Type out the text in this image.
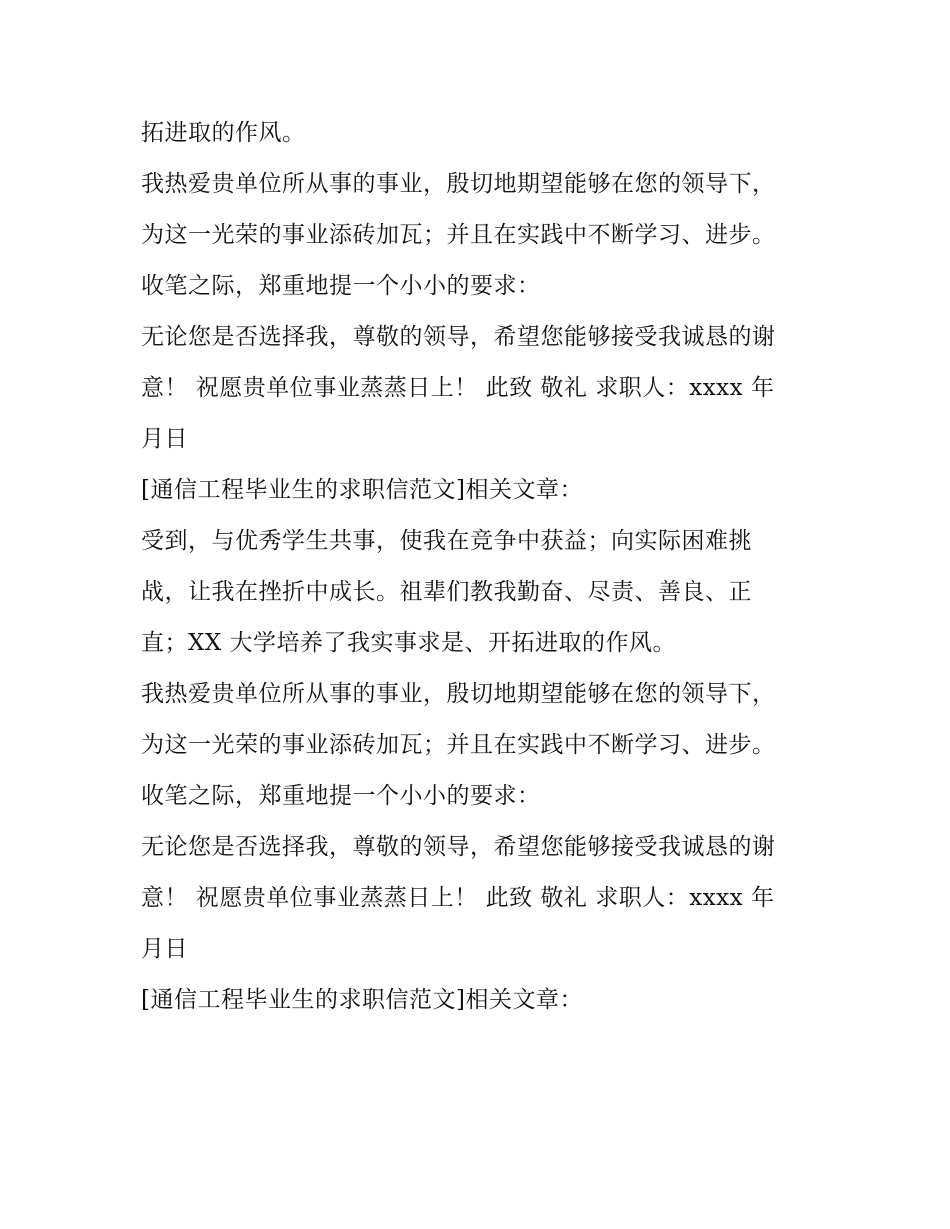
拓进取的作风。
我热爱贵单位所从事的事业，殷切地期望能够在您的领导下，
为这一光荣的事业添砖加瓦；并且在实践中不断学习、进步。
收笔之际，郑重地提一个小小的要求：
无论您是否选择我，尊敬的领导，希望您能够接受我诚恳的谢
意！ 祝愿贵单位事业蒸蒸日上！ 此致 敬礼 求职人：xxxx 年
月日
[通信工程毕业生的求职信范文]相关文章：
受到，与优秀学生共事，使我在竞争中获益；向实际困难挑
战，让我在挫折中成长。祖辈们教我勤奋、尽责、善良、正
直；XX 大学培养了我实事求是、开拓进取的作风。
我热爱贵单位所从事的事业，殷切地期望能够在您的领导下，
为这一光荣的事业添砖加瓦；并且在实践中不断学习、进步。
收笔之际，郑重地提一个小小的要求：
无论您是否选择我，尊敬的领导，希望您能够接受我诚恳的谢
意！ 祝愿贵单位事业蒸蒸日上！ 此致 敬礼 求职人：xxxx 年
月日
[通信工程毕业生的求职信范文]相关文章：
